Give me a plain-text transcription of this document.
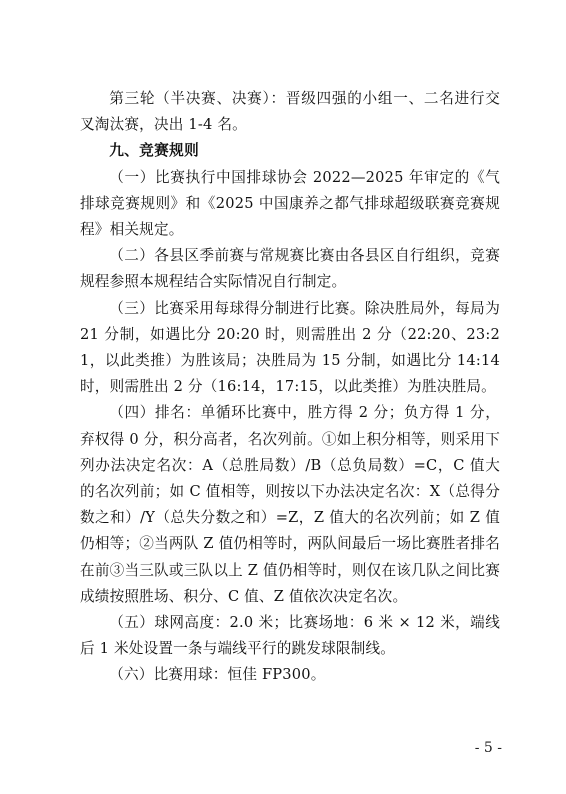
第三轮（半决赛、决赛）：晋级四强的小组一、二名进行交叉淘汰赛，决出 1-4 名。

九、竞赛规则

（一）比赛执行中国排球协会 2022—2025 年审定的《气排球竞赛规则》和《2025 中国康养之都气排球超级联赛竞赛规程》相关规定。

（二）各县区季前赛与常规赛比赛由各县区自行组织，竞赛规程参照本规程结合实际情况自行制定。

（三）比赛采用每球得分制进行比赛。除决胜局外，每局为 21 分制，如遇比分 20:20 时，则需胜出 2 分（22:20、23:21，以此类推）为胜该局；决胜局为 15 分制，如遇比分 14:14 时，则需胜出 2 分（16:14，17:15，以此类推）为胜决胜局。

（四）排名：单循环比赛中，胜方得 2 分；负方得 1 分，弃权得 0 分，积分高者，名次列前。①如上积分相等，则采用下列办法决定名次：A（总胜局数）/B（总负局数）=C，C 值大的名次列前；如 C 值相等，则按以下办法决定名次：X（总得分数之和）/Y（总失分数之和）=Z，Z 值大的名次列前；如 Z 值仍相等；②当两队 Z 值仍相等时，两队间最后一场比赛胜者排名在前③当三队或三队以上 Z 值仍相等时，则仅在该几队之间比赛成绩按照胜场、积分、C 值、Z 值依次决定名次。

（五）球网高度：2.0 米；比赛场地：6 米 × 12 米，端线后 1 米处设置一条与端线平行的跳发球限制线。

（六）比赛用球：恒佳 FP300。

- 5 -
